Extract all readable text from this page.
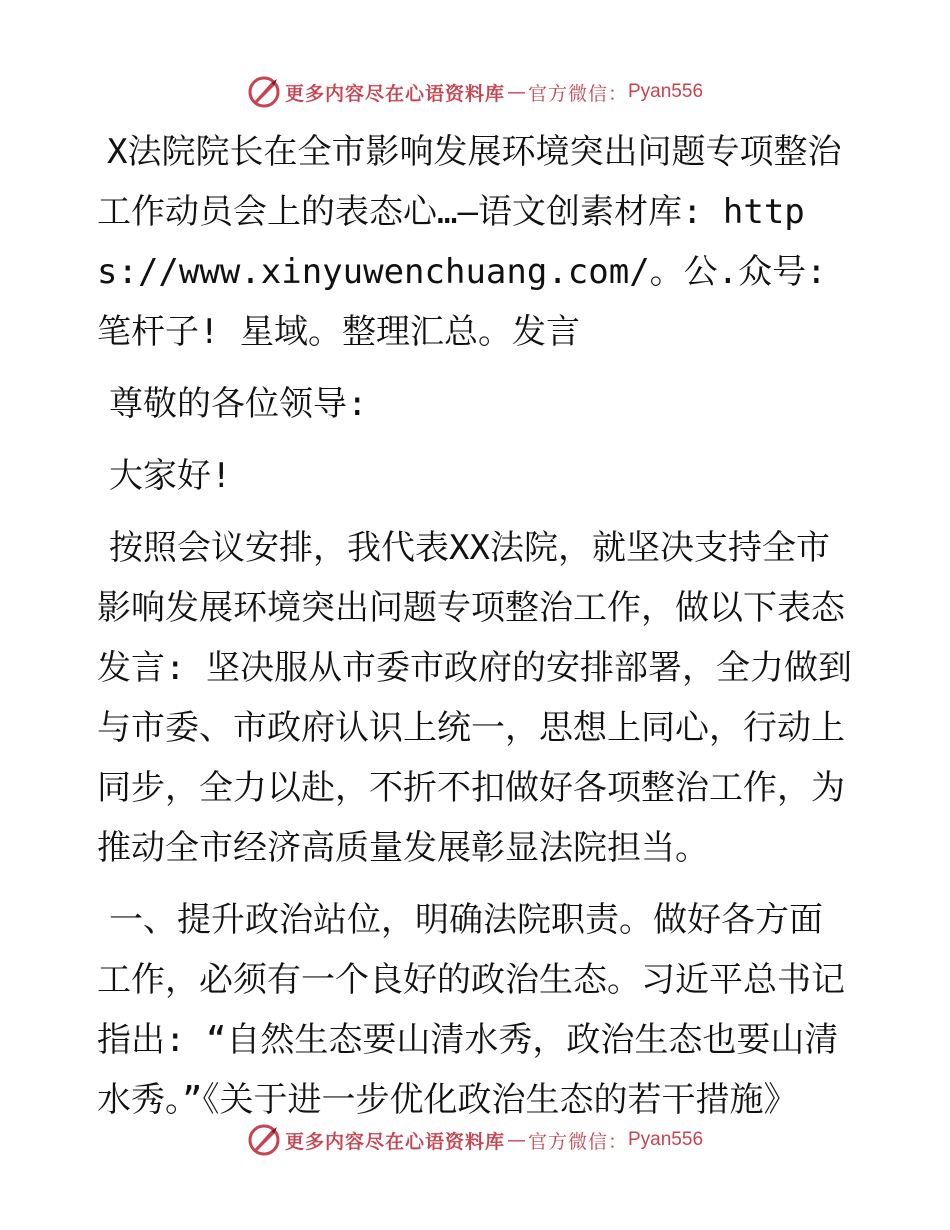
更多内容尽在心语资料库 — 官方微信： Pyan556

X法院院长在全市影响发展环境突出问题专项整治工作动员会上的表态心…—语文创素材库: https://www.xinyuwenchuang.com/。公.众号: 笔杆子! 星域。整理汇总。发言

尊敬的各位领导:

大家好!

按照会议安排，我代表XX法院，就坚决支持全市影响发展环境突出问题专项整治工作，做以下表态发言: 坚决服从市委市政府的安排部署，全力做到与市委、市政府认识上统一，思想上同心，行动上同步，全力以赴，不折不扣做好各项整治工作，为推动全市经济高质量发展彰显法院担当。

一、提升政治站位，明确法院职责。做好各方面工作，必须有一个良好的政治生态。习近平总书记指出: “自然生态要山清水秀，政治生态也要山清水秀。”《关于进一步优化政治生态的若干措施》

更多内容尽在心语资料库 — 官方微信： Pyan556
